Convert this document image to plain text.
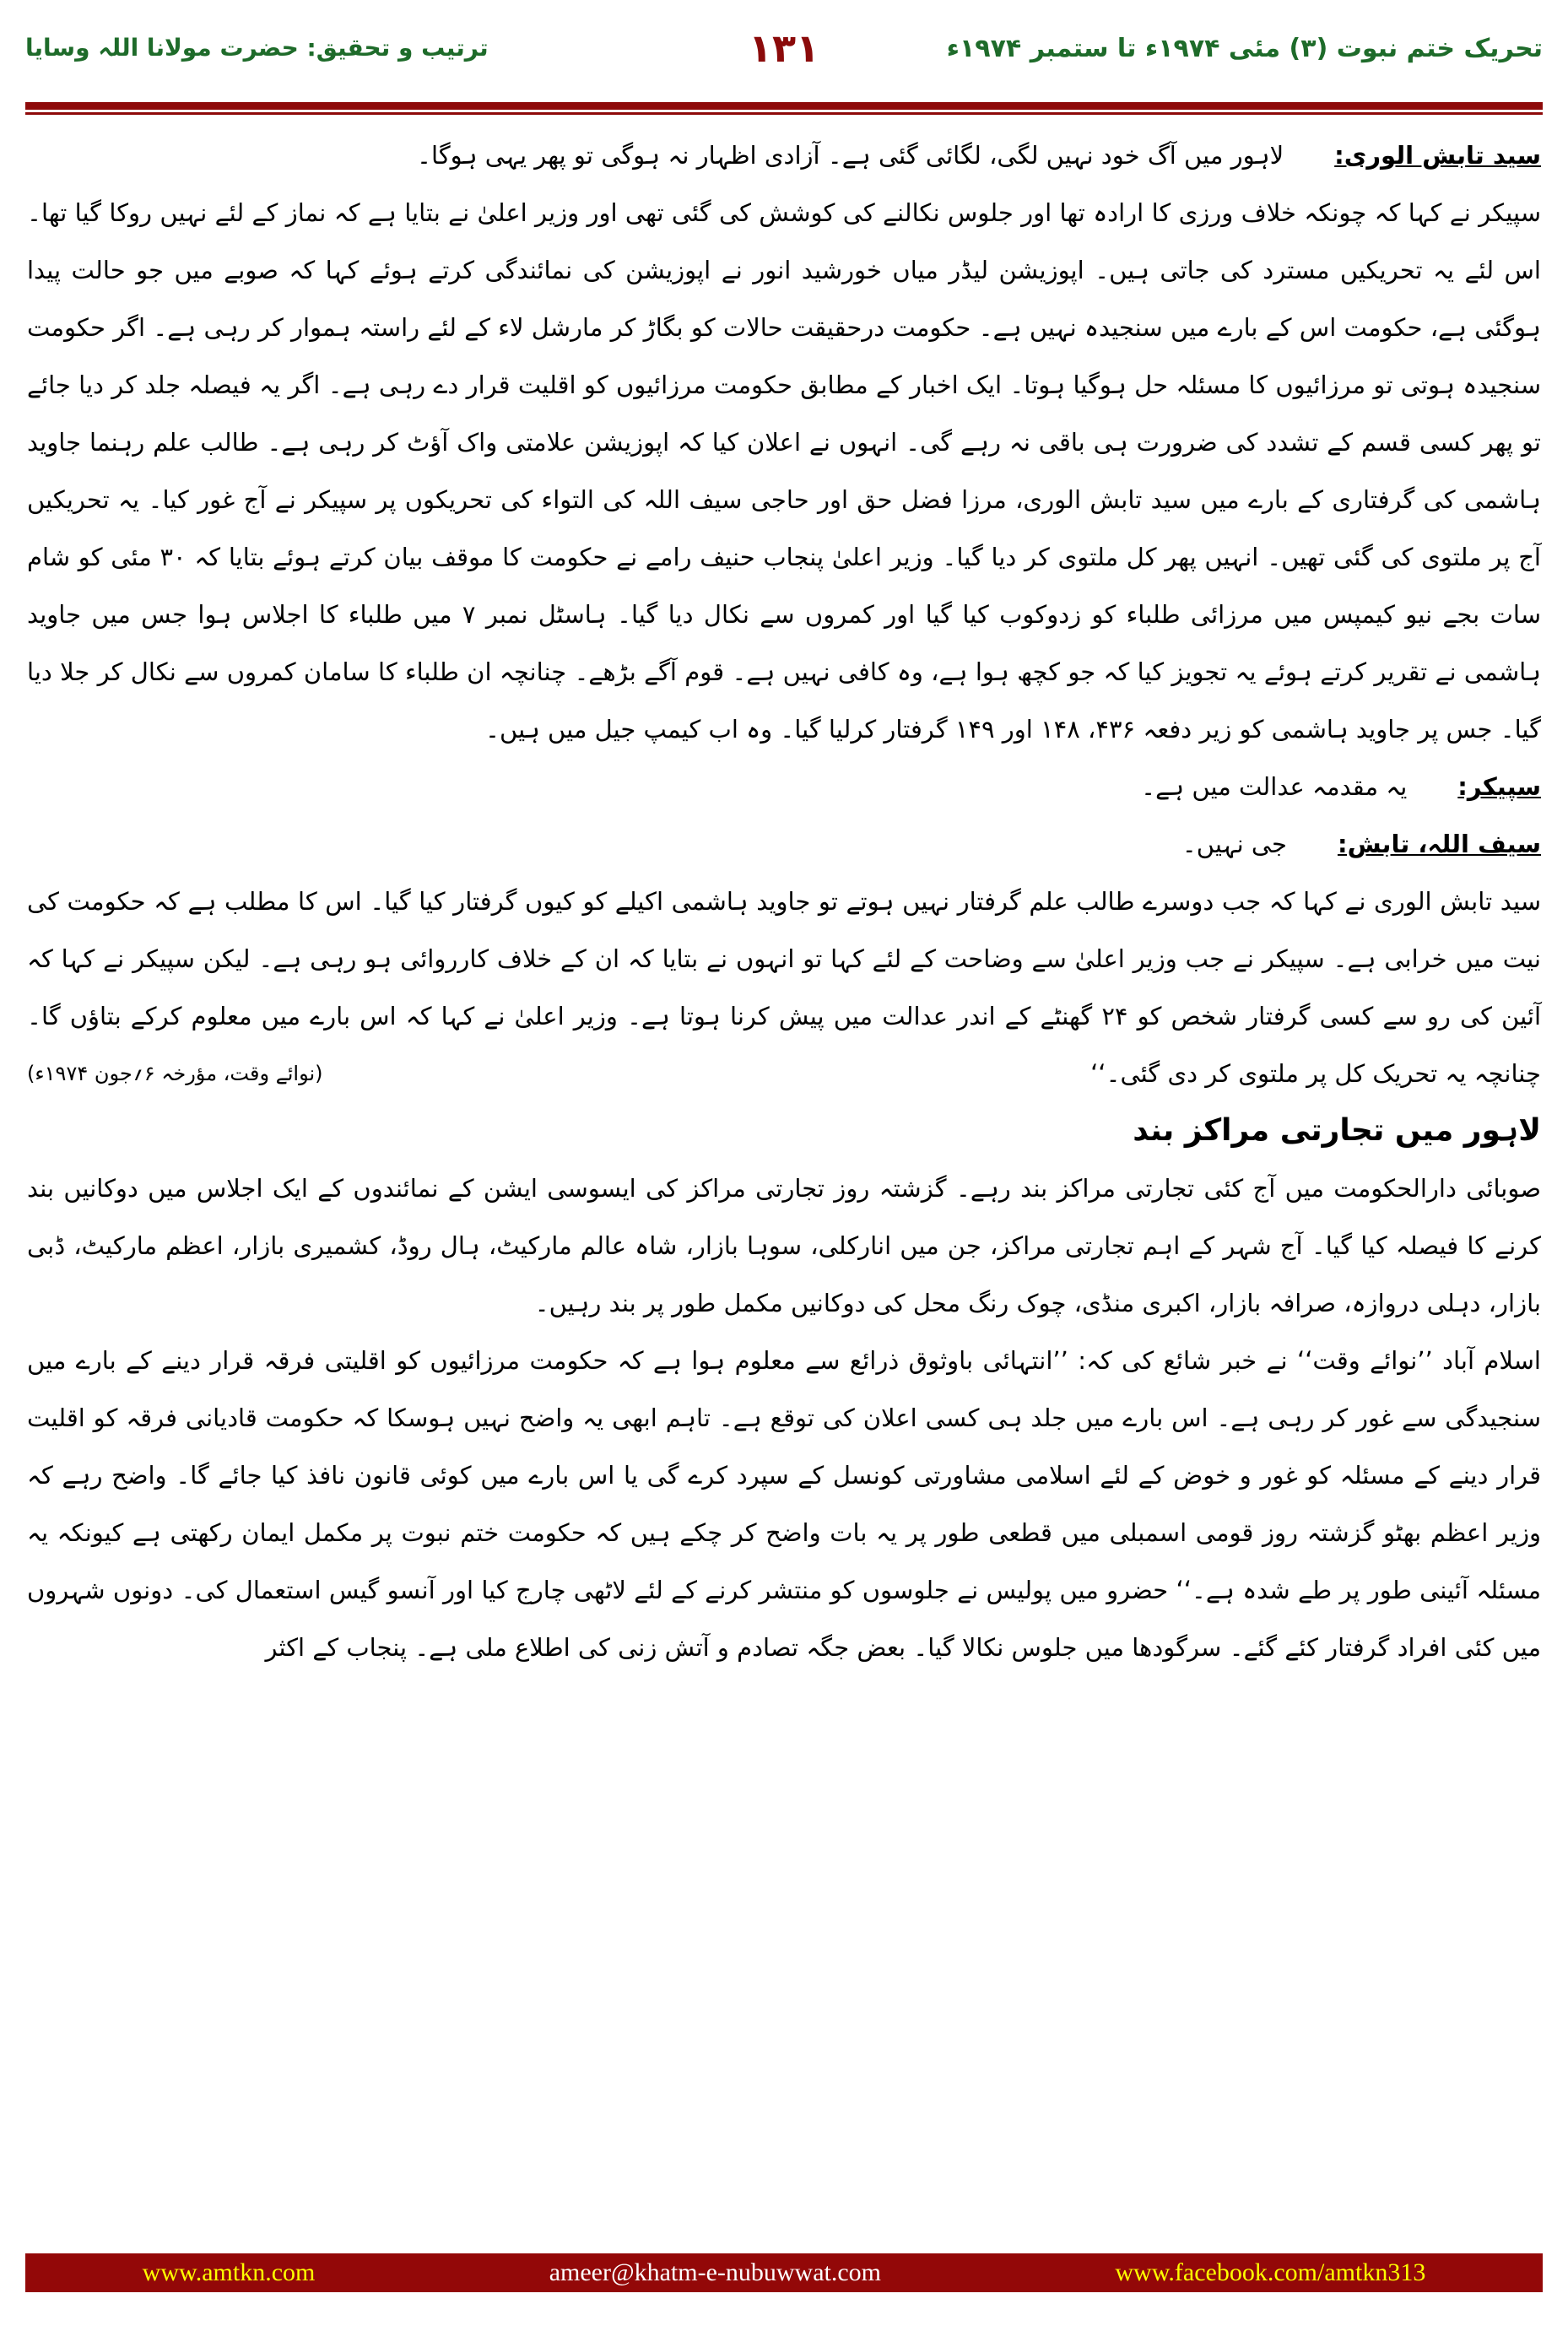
تحریک ختم نبوت (۳) مئی ۱۹۷۴ء تا ستمبر ۱۹۷۴ء
۱۳۱
ترتیب و تحقیق: حضرت مولانا اللہ وسایا

سید تابش الوری:
لاہور میں آگ خود نہیں لگی، لگائی گئی ہے۔ آزادی اظہار نہ ہوگی تو پھر یہی ہوگا۔

سپیکر نے کہا کہ چونکہ خلاف ورزی کا ارادہ تھا اور جلوس نکالنے کی کوشش کی گئی تھی اور وزیر اعلیٰ نے بتایا ہے کہ نماز کے لئے نہیں روکا گیا تھا۔ اس لئے یہ تحریکیں مسترد کی جاتی ہیں۔ اپوزیشن لیڈر میاں خورشید انور نے اپوزیشن کی نمائندگی کرتے ہوئے کہا کہ صوبے میں جو حالت پیدا ہوگئی ہے، حکومت اس کے بارے میں سنجیدہ نہیں ہے۔ حکومت درحقیقت حالات کو بگاڑ کر مارشل لاء کے لئے راستہ ہموار کر رہی ہے۔ اگر حکومت سنجیدہ ہوتی تو مرزائیوں کا مسئلہ حل ہوگیا ہوتا۔ ایک اخبار کے مطابق حکومت مرزائیوں کو اقلیت قرار دے رہی ہے۔ اگر یہ فیصلہ جلد کر دیا جائے تو پھر کسی قسم کے تشدد کی ضرورت ہی باقی نہ رہے گی۔ انہوں نے اعلان کیا کہ اپوزیشن علامتی واک آؤٹ کر رہی ہے۔ طالب علم رہنما جاوید ہاشمی کی گرفتاری کے بارے میں سید تابش الوری، مرزا فضل حق اور حاجی سیف اللہ کی التواء کی تحریکوں پر سپیکر نے آج غور کیا۔ یہ تحریکیں آج پر ملتوی کی گئی تھیں۔ انہیں پھر کل ملتوی کر دیا گیا۔ وزیر اعلیٰ پنجاب حنیف رامے نے حکومت کا موقف بیان کرتے ہوئے بتایا کہ ۳۰ مئی کو شام سات بجے نیو کیمپس میں مرزائی طلباء کو زدوکوب کیا گیا اور کمروں سے نکال دیا گیا۔ ہاسٹل نمبر ۷ میں طلباء کا اجلاس ہوا جس میں جاوید ہاشمی نے تقریر کرتے ہوئے یہ تجویز کیا کہ جو کچھ ہوا ہے، وہ کافی نہیں ہے۔ قوم آگے بڑھے۔ چنانچہ ان طلباء کا سامان کمروں سے نکال کر جلا دیا گیا۔ جس پر جاوید ہاشمی کو زیر دفعہ ۴۳۶، ۱۴۸ اور ۱۴۹ گرفتار کرلیا گیا۔ وہ اب کیمپ جیل میں ہیں۔

سپیکر:
یہ مقدمہ عدالت میں ہے۔

سیف اللہ، تابش:
جی نہیں۔

سید تابش الوری نے کہا کہ جب دوسرے طالب علم گرفتار نہیں ہوتے تو جاوید ہاشمی اکیلے کو کیوں گرفتار کیا گیا۔ اس کا مطلب ہے کہ حکومت کی نیت میں خرابی ہے۔ سپیکر نے جب وزیر اعلیٰ سے وضاحت کے لئے کہا تو انہوں نے بتایا کہ ان کے خلاف کارروائی ہو رہی ہے۔ لیکن سپیکر نے کہا کہ آئین کی رو سے کسی گرفتار شخص کو ۲۴ گھنٹے کے اندر عدالت میں پیش کرنا ہوتا ہے۔ وزیر اعلیٰ نے کہا کہ اس بارے میں معلوم کرکے بتاؤں گا۔ چنانچہ یہ تحریک کل پر ملتوی کر دی گئی۔‘‘
(نوائے وقت، مؤرخہ ۶؍جون ۱۹۷۴ء)

لاہور میں تجارتی مراکز بند

صوبائی دارالحکومت میں آج کئی تجارتی مراکز بند رہے۔ گزشتہ روز تجارتی مراکز کی ایسوسی ایشن کے نمائندوں کے ایک اجلاس میں دوکانیں بند کرنے کا فیصلہ کیا گیا۔ آج شہر کے اہم تجارتی مراکز، جن میں انارکلی، سوہا بازار، شاہ عالم مارکیٹ، ہال روڈ، کشمیری بازار، اعظم مارکیٹ، ڈبی بازار، دہلی دروازہ، صرافہ بازار، اکبری منڈی، چوک رنگ محل کی دوکانیں مکمل طور پر بند رہیں۔

اسلام آباد ’’نوائے وقت‘‘ نے خبر شائع کی کہ: ’’انتہائی باوثوق ذرائع سے معلوم ہوا ہے کہ حکومت مرزائیوں کو اقلیتی فرقہ قرار دینے کے بارے میں سنجیدگی سے غور کر رہی ہے۔ اس بارے میں جلد ہی کسی اعلان کی توقع ہے۔ تاہم ابھی یہ واضح نہیں ہوسکا کہ حکومت قادیانی فرقہ کو اقلیت قرار دینے کے مسئلہ کو غور و خوض کے لئے اسلامی مشاورتی کونسل کے سپرد کرے گی یا اس بارے میں کوئی قانون نافذ کیا جائے گا۔ واضح رہے کہ وزیر اعظم بھٹو گزشتہ روز قومی اسمبلی میں قطعی طور پر یہ بات واضح کر چکے ہیں کہ حکومت ختم نبوت پر مکمل ایمان رکھتی ہے کیونکہ یہ مسئلہ آئینی طور پر طے شدہ ہے۔‘‘ حضرو میں پولیس نے جلوسوں کو منتشر کرنے کے لئے لاٹھی چارج کیا اور آنسو گیس استعمال کی۔ دونوں شہروں میں کئی افراد گرفتار کئے گئے۔ سرگودھا میں جلوس نکالا گیا۔ بعض جگہ تصادم و آتش زنی کی اطلاع ملی ہے۔ پنجاب کے اکثر

www.amtkn.com	ameer@khatm-e-nubuwwat.com	www.facebook.com/amtkn313
